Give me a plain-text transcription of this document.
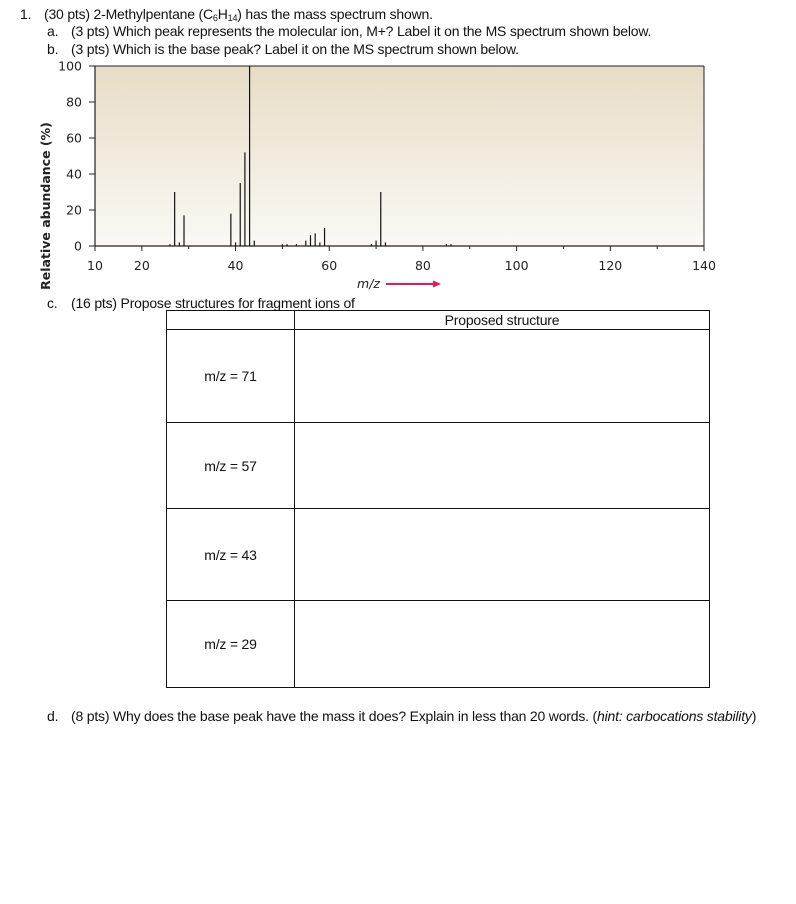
1. (30 pts) 2-Methylpentane $(C_6H_{14})$ has the mass spectrum shown.
a. (3 pts) Which peak represents the molecular ion, M+? Label it on the MS spectrum shown below.
b. (3 pts) Which is the base peak? Label it on the MS spectrum shown below.
0
20
40
60
80
100
10 20	40	60	80	100	120	140
Relative abundance (%)	m/z
c. (16 pts) Propose structures for fragment ions of
	Proposed structure
m/z = 71	
m/z = 57	
m/z = 43	
m/z = 29	
d. (8 pts) Why does the base peak have the mass it does? Explain in less than 20 words. (hint: carbocations stability)
